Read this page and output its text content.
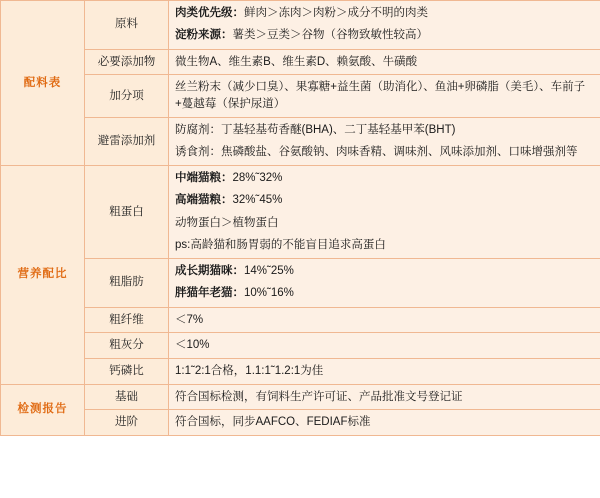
配料表	原料	肉类优先级：鲜肉＞冻肉＞肉粉＞成分不明的肉类
淀粉来源：薯类＞豆类＞谷物（谷物致敏性较高）

	必要添加物	微生物A、维生素B、维生素D、赖氨酸、牛磺酸
	加分项	丝兰粉末（减少口臭）、果寡糖+益生菌（助消化）、鱼油+卵磷脂（美毛）、车前子+蔓越莓（保护尿道）
	避雷添加剂	防腐剂：丁基轻基苟香醚(BHA)、二丁基轻基甲苯(BHT)
诱食剂：焦磷酸盐、谷氨酸钠、肉味香精、调味剂、风味添加剂、口味增强剂等

营养配比	粗蛋白	中端猫粮：28%˜32%
高端猫粮：32%˜45%
动物蛋白＞植物蛋白
ps:高龄猫和肠胃弱的不能盲目追求高蛋白

	粗脂肪	成长期猫咪：14%˜25%
胖猫年老猫：10%˜16%

	粗纤维	＜7%
	粗灰分	＜10%
	钙磷比	1:1˜2:1合格，1.1:1˜1.2:1为佳
检测报告	基础	符合国标检测，有饲料生产许可证、产品批准文号登记证
	进阶	符合国标，同步AAFCO、FEDIAF标准
